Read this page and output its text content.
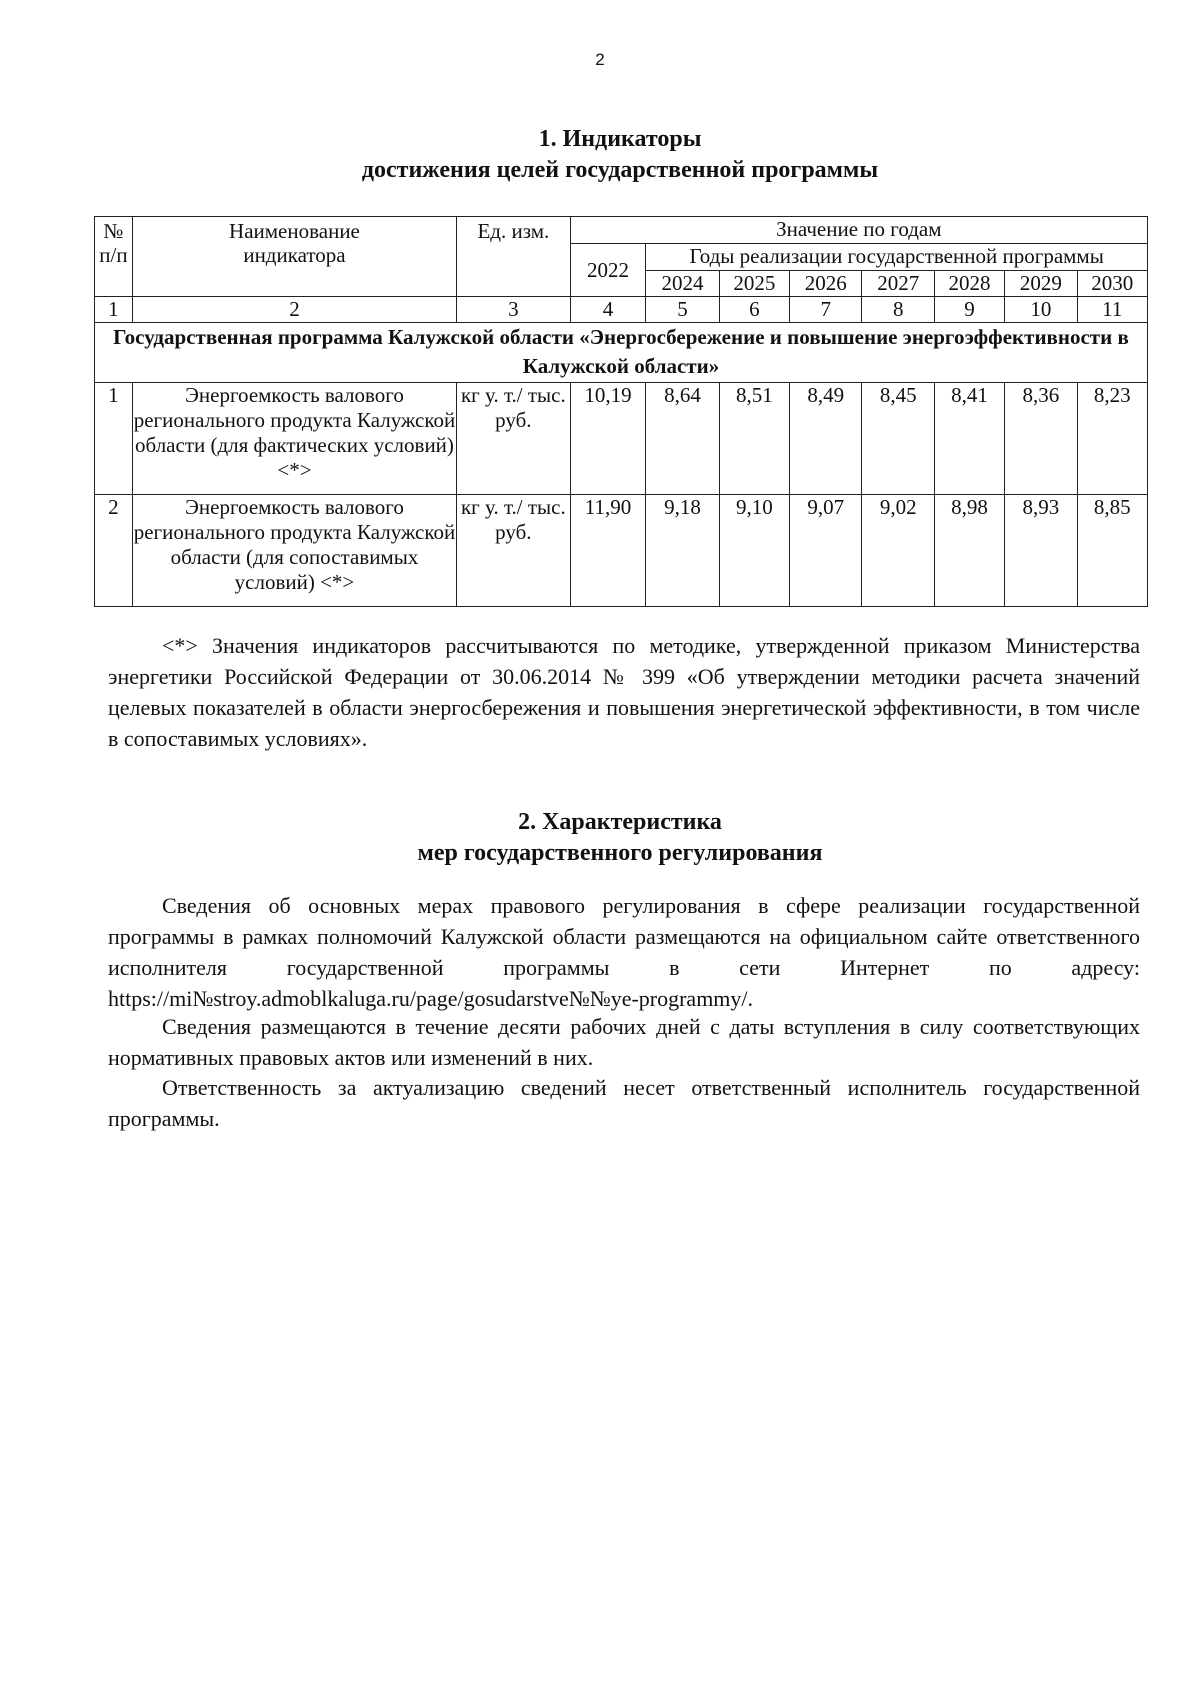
2
1. Индикаторы
достижения целей государственной программы
№ п/п	Наименование индикатора	Ед. изм.	Значение по годам							
			2022	Годы реализации государственной программы						
				2024	2025	2026	2027	2028	2029	2030
1	2	3	4	5	6	7	8	9	10	11
Государственная программа Калужской области «Энергосбережение и повышение энергоэффективности в Калужской области»										
1	Энергоемкость валового регионального продукта Калужской области (для фактических условий) <*>	кг у. т./ тыс. руб.	10,19	8,64	8,51	8,49	8,45	8,41	8,36	8,23
2	Энергоемкость валового регионального продукта Калужской области (для сопоставимых условий) <*>	кг у. т./ тыс. руб.	11,90	9,18	9,10	9,07	9,02	8,98	8,93	8,85
<*> Значения индикаторов рассчитываются по методике, утвержденной приказом Министерства энергетики Российской Федерации от 30.06.2014 № 399 «Об утверждении методики расчета значений целевых показателей в области энергосбережения и повышения энергетической эффективности, в том числе в сопоставимых условиях».
2. Характеристика
мер государственного регулирования
Сведения об основных мерах правового регулирования в сфере реализации государственной программы в рамках полномочий Калужской области размещаются на официальном сайте ответственного исполнителя государственной программы в сети Интернет по адресу: https://mi№stroy.admoblkaluga.ru/page/gosudarstve№№ye-programmy/.
Сведения размещаются в течение десяти рабочих дней с даты вступления в силу соответствующих нормативных правовых актов или изменений в них.
Ответственность за актуализацию сведений несет ответственный исполнитель государственной программы.
